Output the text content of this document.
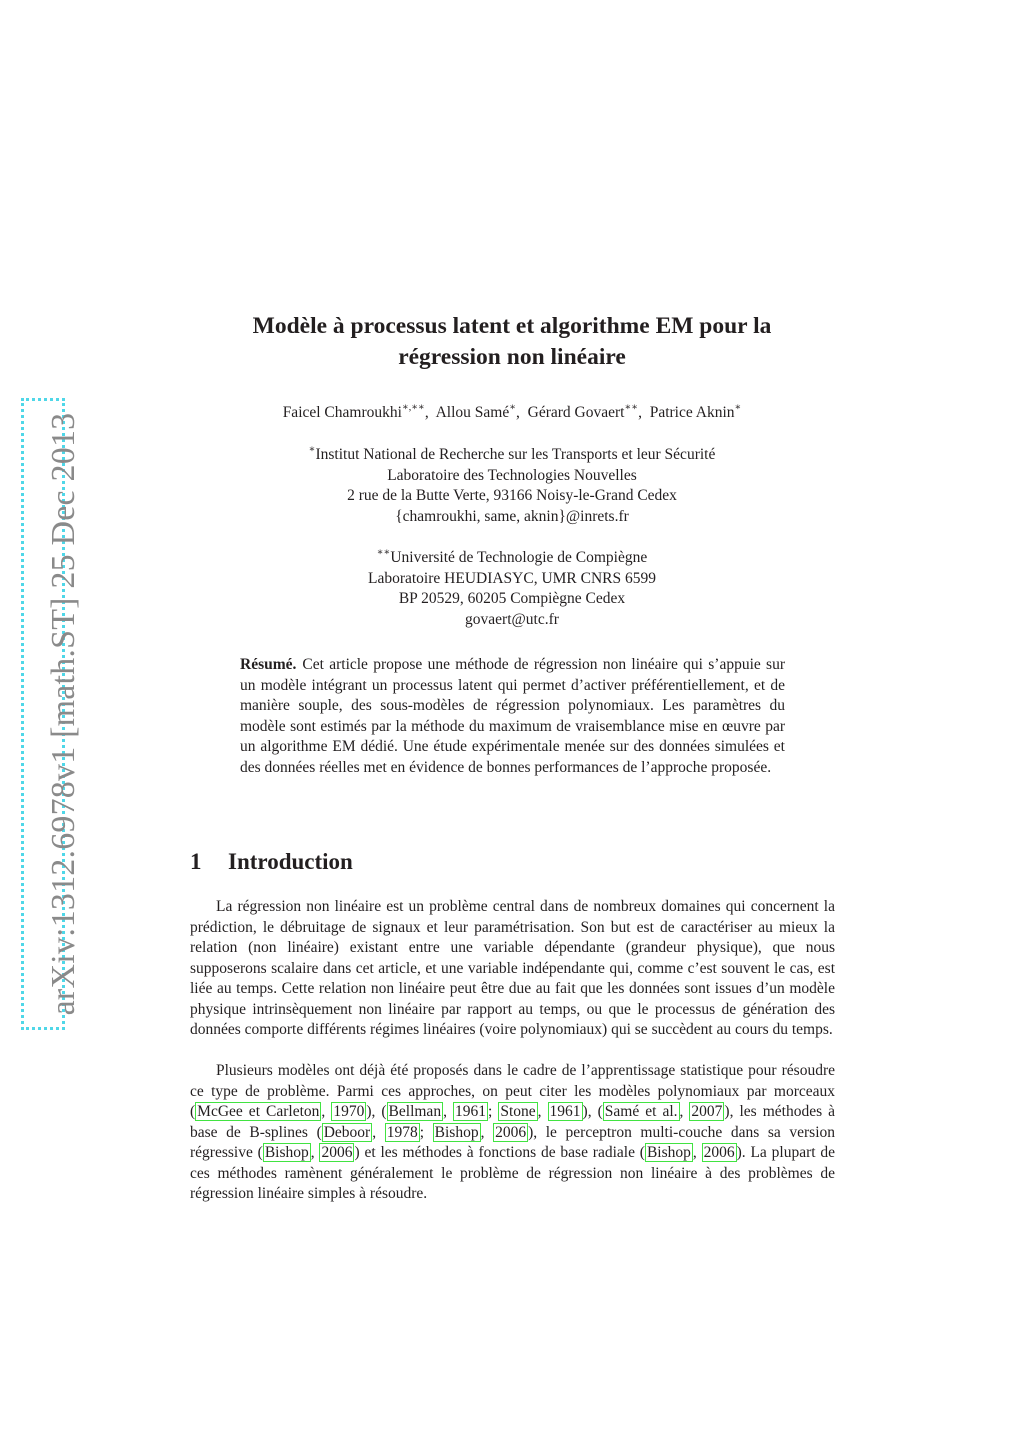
arXiv:1312.6978v1 [math.ST] 25 Dec 2013
Modèle à processus latent et algorithme EM pour la
régression non linéaire
Faicel Chamroukhi∗,∗∗,  Allou Samé∗,  Gérard Govaert∗∗,  Patrice Aknin∗
∗Institut National de Recherche sur les Transports et leur Sécurité
Laboratoire des Technologies Nouvelles
2 rue de la Butte Verte, 93166 Noisy-le-Grand Cedex
{chamroukhi, same, aknin}@inrets.fr
∗∗Université de Technologie de Compiègne
Laboratoire HEUDIASYC, UMR CNRS 6599
BP 20529, 60205 Compiègne Cedex
govaert@utc.fr
Résumé. Cet article propose une méthode de régression non linéaire qui s’appuie sur un modèle intégrant un processus latent qui permet d’activer préférentiellement, et de manière souple, des sous-modèles de régression polynomiaux. Les paramètres du modèle sont estimés par la méthode du maximum de vraisemblance mise en œuvre par un algorithme EM dédié. Une étude expérimentale menée sur des données simulées et des données réelles met en évidence de bonnes performances de l’approche proposée.
1 Introduction
La régression non linéaire est un problème central dans de nombreux domaines qui concernent la prédiction, le débruitage de signaux et leur paramétrisation. Son but est de caractériser au mieux la relation (non linéaire) existant entre une variable dépendante (grandeur physique), que nous supposerons scalaire dans cet article, et une variable indépendante qui, comme c’est souvent le cas, est liée au temps. Cette relation non linéaire peut être due au fait que les données sont issues d’un modèle physique intrinsèquement non linéaire par rapport au temps, ou que le processus de génération des données comporte différents régimes linéaires (voire polynomiaux) qui se succèdent au cours du temps.
Plusieurs modèles ont déjà été proposés dans le cadre de l’apprentissage statistique pour résoudre ce type de problème. Parmi ces approches, on peut citer les modèles polynomiaux par morceaux ( McGee et Carleton , 1970 ), ( Bellman , 1961 ; Stone , 1961 ), ( Samé et al. , 2007 ), les méthodes à base de B-splines ( Deboor , 1978 ; Bishop , 2006 ), le perceptron multi-couche dans sa version régressive ( Bishop , 2006 ) et les méthodes à fonctions de base radiale ( Bishop , 2006 ). La plupart de ces méthodes ramènent généralement le problème de régression non linéaire à des problèmes de régression linéaire simples à résoudre.
